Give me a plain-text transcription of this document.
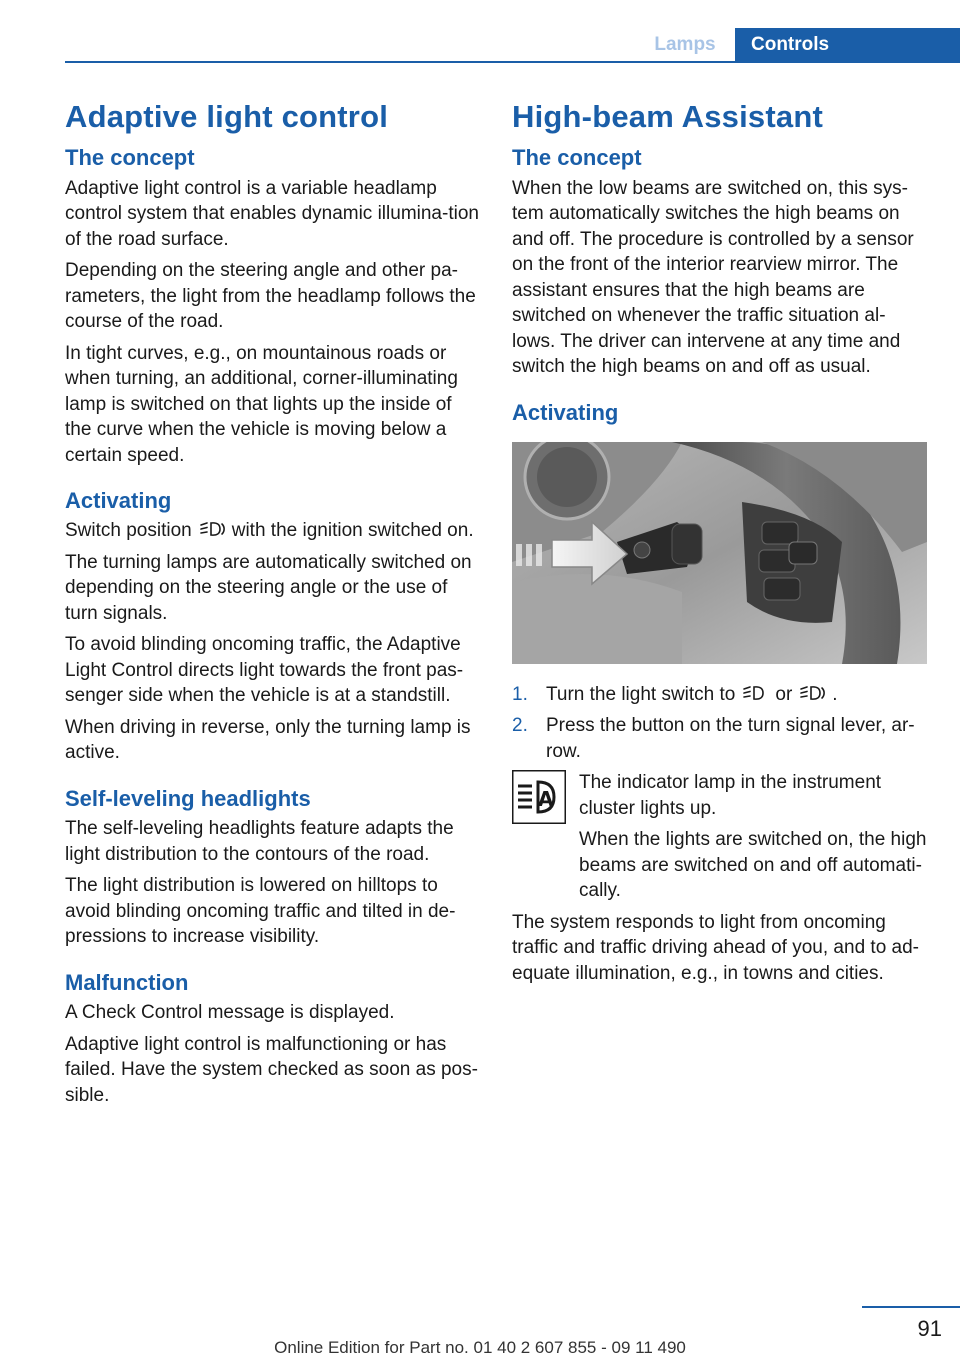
Lamps	Controls
Adaptive light control
The concept

Adaptive light control is a variable headlamp control system that enables dynamic illumina-tion of the road surface.

Depending on the steering angle and other pa-rameters, the light from the headlamp follows the course of the road.

In tight curves, e.g., on mountainous roads or when turning, an additional, corner-illuminating lamp is switched on that lights up the inside of the curve when the vehicle is moving below a certain speed.

Activating

Switch position with the ignition switched on.

The turning lamps are automatically switched on depending on the steering angle or the use of turn signals.

To avoid blinding oncoming traffic, the Adaptive Light Control directs light towards the front pas-senger side when the vehicle is at a standstill.

When driving in reverse, only the turning lamp is active.

Self-leveling headlights

The self-leveling headlights feature adapts the light distribution to the contours of the road.

The light distribution is lowered on hilltops to avoid blinding oncoming traffic and tilted in de-pressions to increase visibility.

Malfunction

A Check Control message is displayed.

Adaptive light control is malfunctioning or has failed. Have the system checked as soon as pos-sible.

High-beam Assistant
The concept

When the low beams are switched on, this sys-tem automatically switches the high beams on and off. The procedure is controlled by a sensor on the front of the interior rearview mirror. The assistant ensures that the high beams are switched on whenever the traffic situation al-lows. The driver can intervene at any time and switch the high beams on and off as usual.

Activating
1. Turn the light switch to or .
2. Press the button on the turn signal lever, ar-row.
A

The indicator lamp in the instrument cluster lights up.

When the lights are switched on, the high beams are switched on and off automati-cally.

The system responds to light from oncoming traffic and traffic driving ahead of you, and to ad-equate illumination, e.g., in towns and cities.

91
Online Edition for Part no. 01 40 2 607 855 - 09 11 490
